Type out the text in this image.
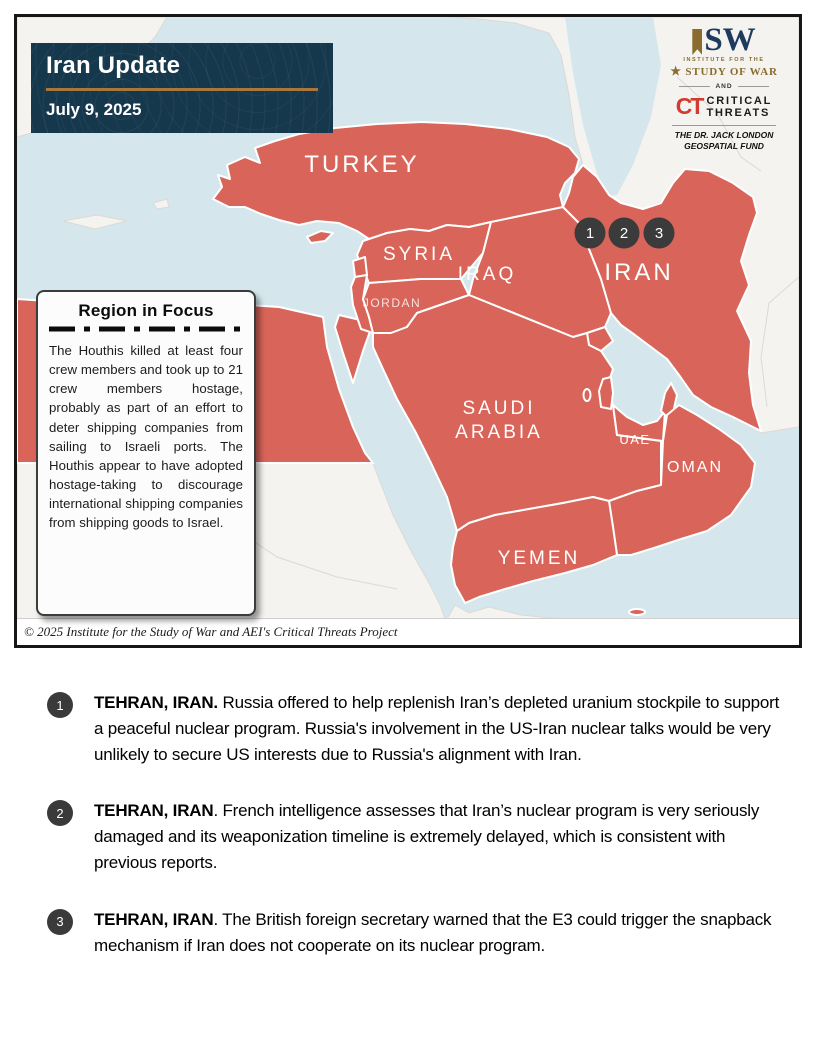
TURKEY
SYRIA
IRAQ
JORDAN
IRAN
SAUDI
ARABIA	UAE
OMAN
YEMEN
1 2 3
Iran Update
July 9, 2025
SW
INSTITUTE FOR THE
★ STUDY OF WAR
AND
CT CRITICAL
THREATS
THE DR. JACK LONDON
GEOSPATIAL FUND
Region in Focus
The Houthis killed at least four crew members and took up to 21 crew members hostage, probably as part of an effort to deter shipping companies from sailing to Israeli ports. The Houthis appear to have adopted hostage-taking to discourage international shipping companies from shipping goods to Israel.
© 2025 Institute for the Study of War and AEI's Critical Threats Project
1	TEHRAN, IRAN. Russia offered to help replenish Iran’s depleted uranium stockpile to support a peaceful nuclear program. Russia's involvement in the US-Iran nuclear talks would be very unlikely to secure US interests due to Russia's alignment with Iran.
2	TEHRAN, IRAN. French intelligence assesses that Iran’s nuclear program is very seriously damaged and its weaponization timeline is extremely delayed, which is consistent with previous reports.
3	TEHRAN, IRAN. The British foreign secretary warned that the E3 could trigger the snapback mechanism if Iran does not cooperate on its nuclear program.
